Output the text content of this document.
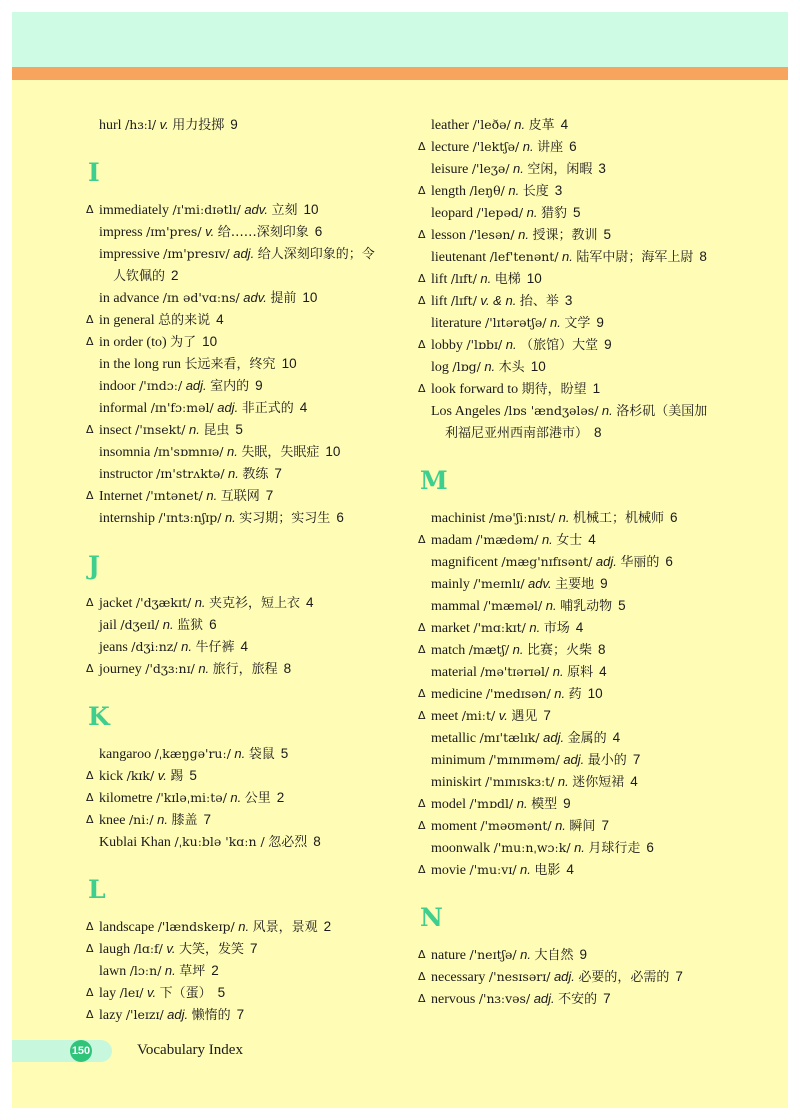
hurl /hɜːl/ v. 用力投掷 9
I
Δ immediately /ɪ'miːdɪətlɪ/ adv. 立刻 10
impress /ɪm'pres/ v. 给……深刻印象 6
impressive /ɪm'presɪv/ adj. 给人深刻印象的；令人钦佩的 2
in advance /ɪn əd'vɑːns/ adv. 提前 10
Δ in general 总的来说 4
Δ in order (to) 为了 10
in the long run 长远来看，终究 10
indoor /'ɪndɔː/ adj. 室内的 9
informal /ɪn'fɔːməl/ adj. 非正式的 4
Δ insect /'ɪnsekt/ n. 昆虫 5
insomnia /ɪn'sɒmnɪə/ n. 失眠，失眠症 10
instructor /ɪn'strʌktə/ n. 教练 7
Δ Internet /'ɪntənet/ n. 互联网 7
internship /'ɪntɜːnʃɪp/ n. 实习期；实习生 6
J
Δ jacket /'dʒækɪt/ n. 夹克衫，短上衣 4
jail /dʒeɪl/ n. 监狱 6
jeans /dʒiːnz/ n. 牛仔裤 4
Δ journey /'dʒɜːnɪ/ n. 旅行，旅程 8
K
kangaroo /ˌkæŋɡə'ruː/ n. 袋鼠 5
Δ kick /kɪk/ v. 踢 5
Δ kilometre /'kɪləˌmiːtə/ n. 公里 2
Δ knee /niː/ n. 膝盖 7
Kublai Khan /ˌkuːblə 'kɑːn / 忽必烈 8
L
Δ landscape /'lændskeɪp/ n. 风景，景观 2
Δ laugh /lɑːf/ v. 大笑，发笑 7
lawn /lɔːn/ n. 草坪 2
Δ lay /leɪ/ v. 下（蛋） 5
Δ lazy /'leɪzɪ/ adj. 懒惰的 7
leather /'leðə/ n. 皮革 4
Δ lecture /'lektʃə/ n. 讲座 6
leisure /'leʒə/ n. 空闲，闲暇 3
Δ length /leŋθ/ n. 长度 3
leopard /'lepəd/ n. 猎豹 5
Δ lesson /'lesən/ n. 授课；教训 5
lieutenant /lef'tenənt/ n. 陆军中尉；海军上尉 8
Δ lift /lɪft/ n. 电梯 10
Δ lift /lɪft/ v. & n. 抬、举 3
literature /'lɪtərətʃə/ n. 文学 9
Δ lobby /'lɒbɪ/ n. （旅馆）大堂 9
log /lɒg/ n. 木头 10
Δ look forward to 期待，盼望 1
Los Angeles /lɒs 'ændʒələs/ n. 洛杉矶（美国加利福尼亚州西南部港市） 8
M
machinist /mə'ʃiːnɪst/ n. 机械工；机械师 6
Δ madam /'mædəm/ n. 女士 4
magnificent /mæg'nɪfɪsənt/ adj. 华丽的 6
mainly /'meɪnlɪ/ adv. 主要地 9
mammal /'mæməl/ n. 哺乳动物 5
Δ market /'mɑːkɪt/ n. 市场 4
Δ match /mætʃ/ n. 比赛；火柴 8
material /mə'tɪərɪəl/ n. 原料 4
Δ medicine /'medɪsən/ n. 药 10
Δ meet /miːt/ v. 遇见 7
metallic /mɪ'tælɪk/ adj. 金属的 4
minimum /'mɪnɪməm/ adj. 最小的 7
miniskirt /'mɪnɪskɜːt/ n. 迷你短裙 4
Δ model /'mɒdl/ n. 模型 9
Δ moment /'məʊmənt/ n. 瞬间 7
moonwalk /'muːnˌwɔːk/ n. 月球行走 6
Δ movie /'muːvɪ/ n. 电影 4
N
Δ nature /'neɪtʃə/ n. 大自然 9
Δ necessary /'nesɪsərɪ/ adj. 必要的，必需的 7
Δ nervous /'nɜːvəs/ adj. 不安的 7
150	Vocabulary Index
